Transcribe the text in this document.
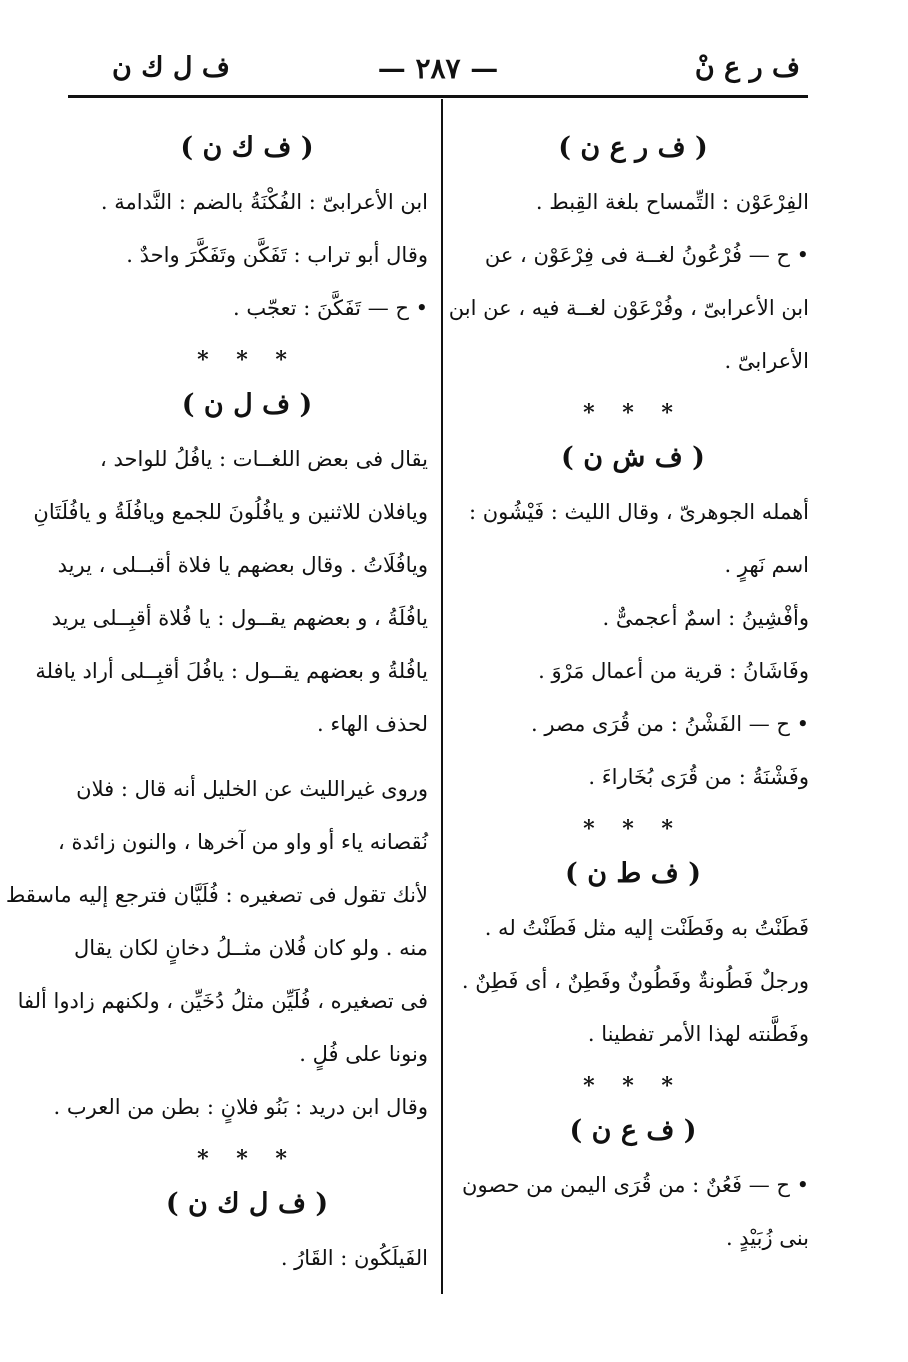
ف ر ع نْ
— ٢٨٧ —
ف ل ك ن
( ف ر ع ن )
الفِرْعَوْن : التِّمساح بلغة القِبط .
• ح — فُرْعُونُ لغــة فى فِرْعَوْن ، عن
ابن الأعرابىّ ، وفُرْعَوْن لغــة فيه ، عن ابن
الأعرابىّ .
* * *
( ف ش ن )
أهمله الجوهرىّ ، وقال الليث : فَيْشُون :
اسم نَهرٍ .
وأفْشِينُ : اسمٌ أعجمىٌّ .
وفَاشَانُ : قرية من أعمال مَرْوَ .
• ح — الفَشْنُ : من قُرَى مصر .
وفَشْنَةُ : من قُرَى بُخَاراءَ .
* * *
( ف ط ن )
فَطَنْتُ به وفَطَنْت إليه مثل فَطَنْتُ له .
ورجلٌ فَطُونةٌ وفَطُونٌ وفَطِنٌ ، أى فَطِنٌ .
وفَطَّنته لهذا الأمر تفطينا .
* * *
( ف ع ن )
• ح — فَعُنٌ : من قُرَى اليمن من حصون
بنى زُبَيْدٍ .
( ف ك ن )
ابن الأعرابىّ : الفُكْنَةُ بالضم : النَّدامة .
وقال أبو تراب : تَفَكَّن وتَفَكَّرَ واحدٌ .
• ح — تَفَكَّنَ : تعجّب .
* * *
( ف ل ن )
يقال فى بعض اللغــات : يافُلُ للواحد ،
ويافلان للاثنين و يافُلُونَ للجمع ويافُلَةُ و يافُلَتَانِ
ويافُلَاتُ . وقال بعضهم يا فلاة أقبــلى ، يريد
يافُلَةُ ، و بعضهم يقــول : يا فُلاة أقبِــلى يريد
يافُلةُ و بعضهم يقــول : يافُلَ أقبِــلى أراد يافلة
لحذف الهاء .
وروى غيرالليث عن الخليل أنه قال : فلان
نُقصانه ياء أو واو من آخرها ، والنون زائدة ،
لأنك تقول فى تصغيره : فُلَيَّان فترجع إليه ماسقط
منه . ولو كان فُلان مثــلُ دخانٍ لكان يقال
فى تصغيره ، فُلَيِّن مثلُ دُخَيِّن ، ولكنهم زادوا ألفا
ونونا على فُلٍ .
وقال ابن دريد : بَنُو فلانٍ : بطن من العرب .
* * *
( ف ل ك ن )
الفَيلَكُون : القَارُ .
